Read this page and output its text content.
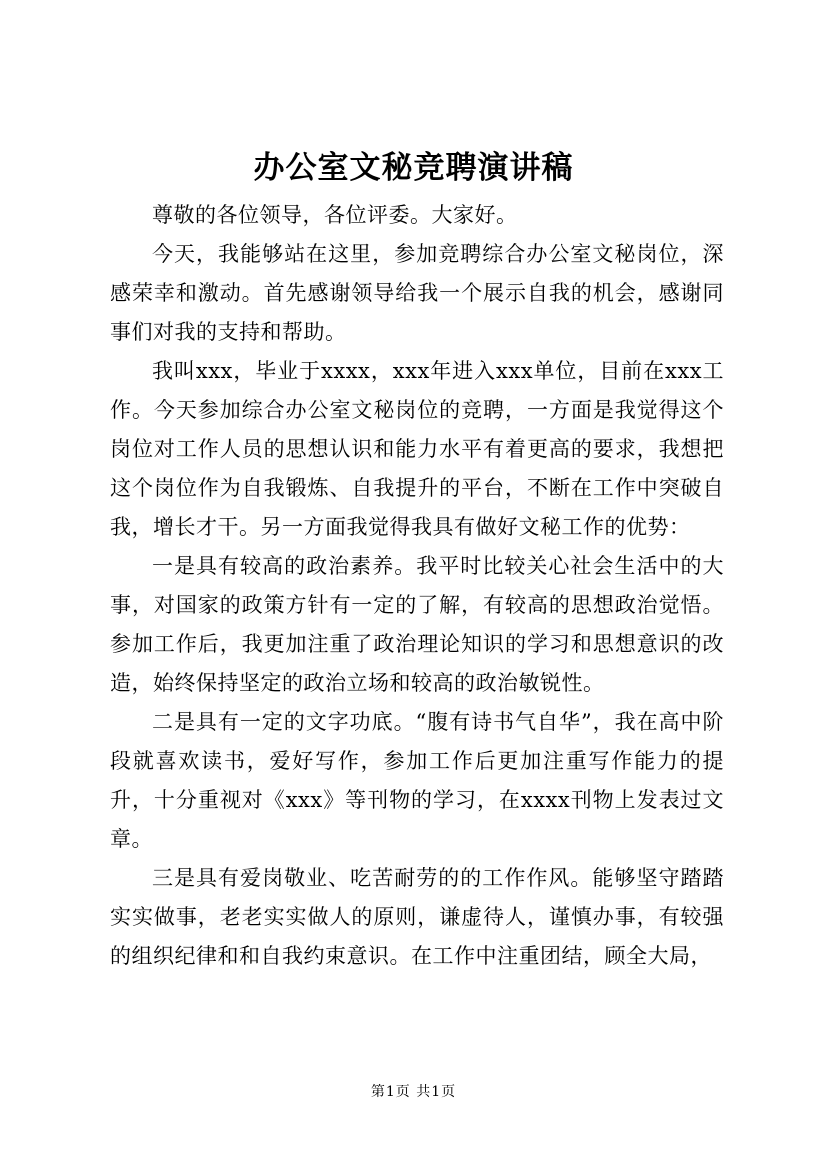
办公室文秘竞聘演讲稿

尊敬的各位领导，各位评委。大家好。

今天，我能够站在这里，参加竞聘综合办公室文秘岗位，深感荣幸和激动。首先感谢领导给我一个展示自我的机会，感谢同事们对我的支持和帮助。

我叫xxx，毕业于xxxx，xxx年进入xxx单位，目前在xxx工作。今天参加综合办公室文秘岗位的竞聘，一方面是我觉得这个岗位对工作人员的思想认识和能力水平有着更高的要求，我想把这个岗位作为自我锻炼、自我提升的平台，不断在工作中突破自我，增长才干。另一方面我觉得我具有做好文秘工作的优势：

一是具有较高的政治素养。我平时比较关心社会生活中的大事，对国家的政策方针有一定的了解，有较高的思想政治觉悟。参加工作后，我更加注重了政治理论知识的学习和思想意识的改造，始终保持坚定的政治立场和较高的政治敏锐性。

二是具有一定的文字功底。“腹有诗书气自华”，我在高中阶段就喜欢读书，爱好写作，参加工作后更加注重写作能力的提升，十分重视对《xxx》等刊物的学习，在xxxx刊物上发表过文章。

三是具有爱岗敬业、吃苦耐劳的的工作作风。能够坚守踏踏实实做事，老老实实做人的原则，谦虚待人，谨慎办事，有较强的组织纪律和和自我约束意识。在工作中注重团结，顾全大局，

第1页 共1页
